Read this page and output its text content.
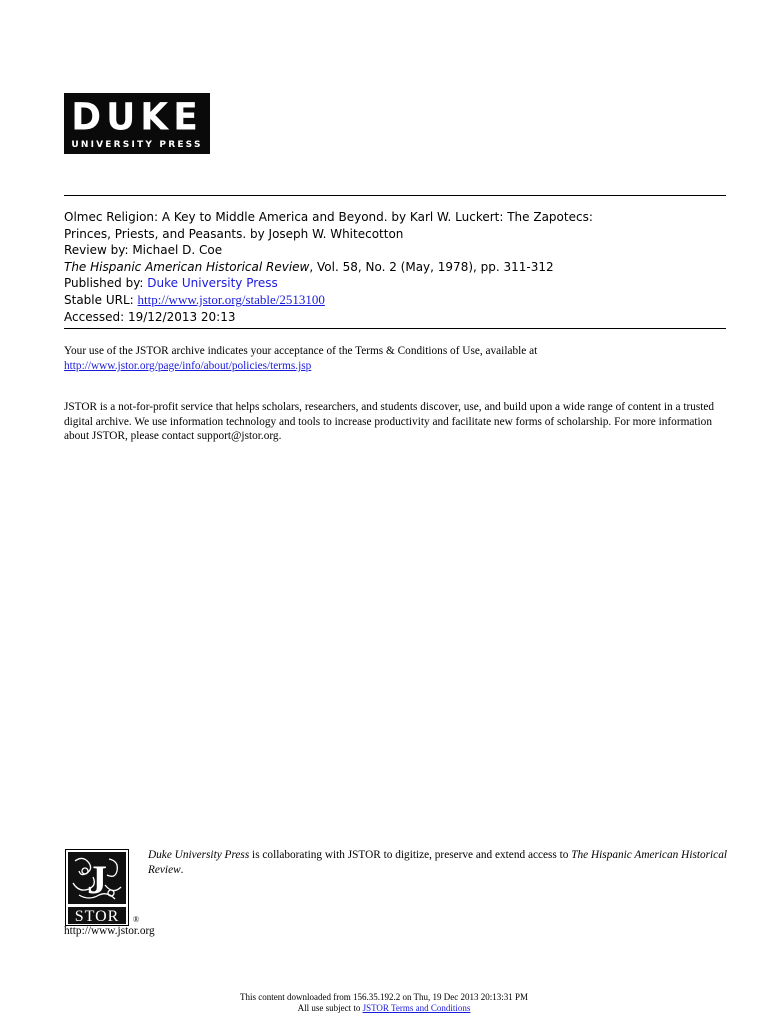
DUKE
UNIVERSITY PRESS
Olmec Religion: A Key to Middle America and Beyond. by Karl W. Luckert: The Zapotecs:
Princes, Priests, and Peasants. by Joseph W. Whitecotton
Review by: Michael D. Coe
The Hispanic American Historical Review, Vol. 58, No. 2 (May, 1978), pp. 311-312
Published by: Duke University Press
Stable URL: http://www.jstor.org/stable/2513100
Accessed: 19/12/2013 20:13
Your use of the JSTOR archive indicates your acceptance of the Terms & Conditions of Use, available at
http://www.jstor.org/page/info/about/policies/terms.jsp
JSTOR is a not-for-profit service that helps scholars, researchers, and students discover, use, and build upon a wide range of content in a trusted digital archive. We use information technology and tools to increase productivity and facilitate new forms of scholarship. For more information about JSTOR, please contact support@jstor.org.
J
STOR ®
http://www.jstor.org
Duke University Press is collaborating with JSTOR to digitize, preserve and extend access to The Hispanic American Historical Review.
This content downloaded from 156.35.192.2 on Thu, 19 Dec 2013 20:13:31 PM
All use subject to JSTOR Terms and Conditions
